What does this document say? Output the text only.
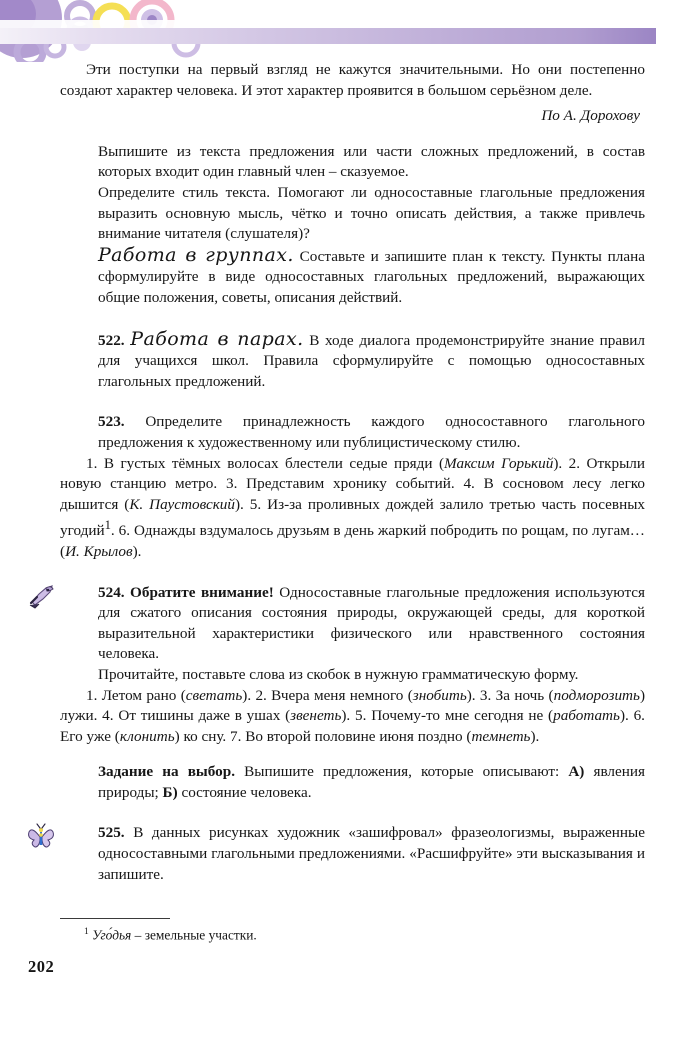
Эти поступки на первый взгляд не кажутся значительными. Но они постепенно создают характер человека. И этот характер проявится в большом серьёзном деле.

По А. Дорохову

Выпишите из текста предложения или части сложных предложений, в состав которых входит один главный член – сказуемое.

Определите стиль текста. Помогают ли односоставные глагольные предложения выразить основную мысль, чётко и точно описать действия, а также привлечь внимание читателя (слушателя)?

Работа в группах. Составьте и запишите план к тексту. Пункты плана сформулируйте в виде односоставных глагольных предложений, выражающих общие положения, советы, описания действий.

522. Работа в парах. В ходе диалога продемонстрируйте знание правил для учащихся школ. Правила сформулируйте с помощью односоставных глагольных предложений.

523. Определите принадлежность каждого односоставного глагольного предложения к художественному или публицистическому стилю.

1. В густых тёмных волосах блестели седые пряди (Максим Горький). 2. Открыли новую станцию метро. 3. Представим хронику событий. 4. В сосновом лесу легко дышится (К. Паустовский). 5. Из-за проливных дождей залило третью часть посевных угодий$^1$. 6. Однажды вздумалось друзьям в день жаркий побродить по рощам, по лугам… (И. Крылов).

524. Обратите внимание! Односоставные глагольные предложения используются для сжатого описания состояния природы, окружающей среды, для короткой выразительной характеристики физического или нравственного состояния человека.

Прочитайте, поставьте слова из скобок в нужную грамматическую форму.

1. Летом рано (светать). 2. Вчера меня немного (знобить). 3. За ночь (подморозить) лужи. 4. От тишины даже в ушах (звенеть). 5. Почему-то мне сегодня не (работать). 6. Его уже (клонить) ко сну. 7. Во второй половине июня поздно (темнеть).

Задание на выбор. Выпишите предложения, которые описывают: А) явления природы; Б) состояние человека.

525. В данных рисунках художник «зашифровал» фразеологизмы, выраженные односоставными глагольными предложениями. «Расшифруйте» эти высказывания и запишите.

$^1$ Уго́дья – земельные участки.

202
